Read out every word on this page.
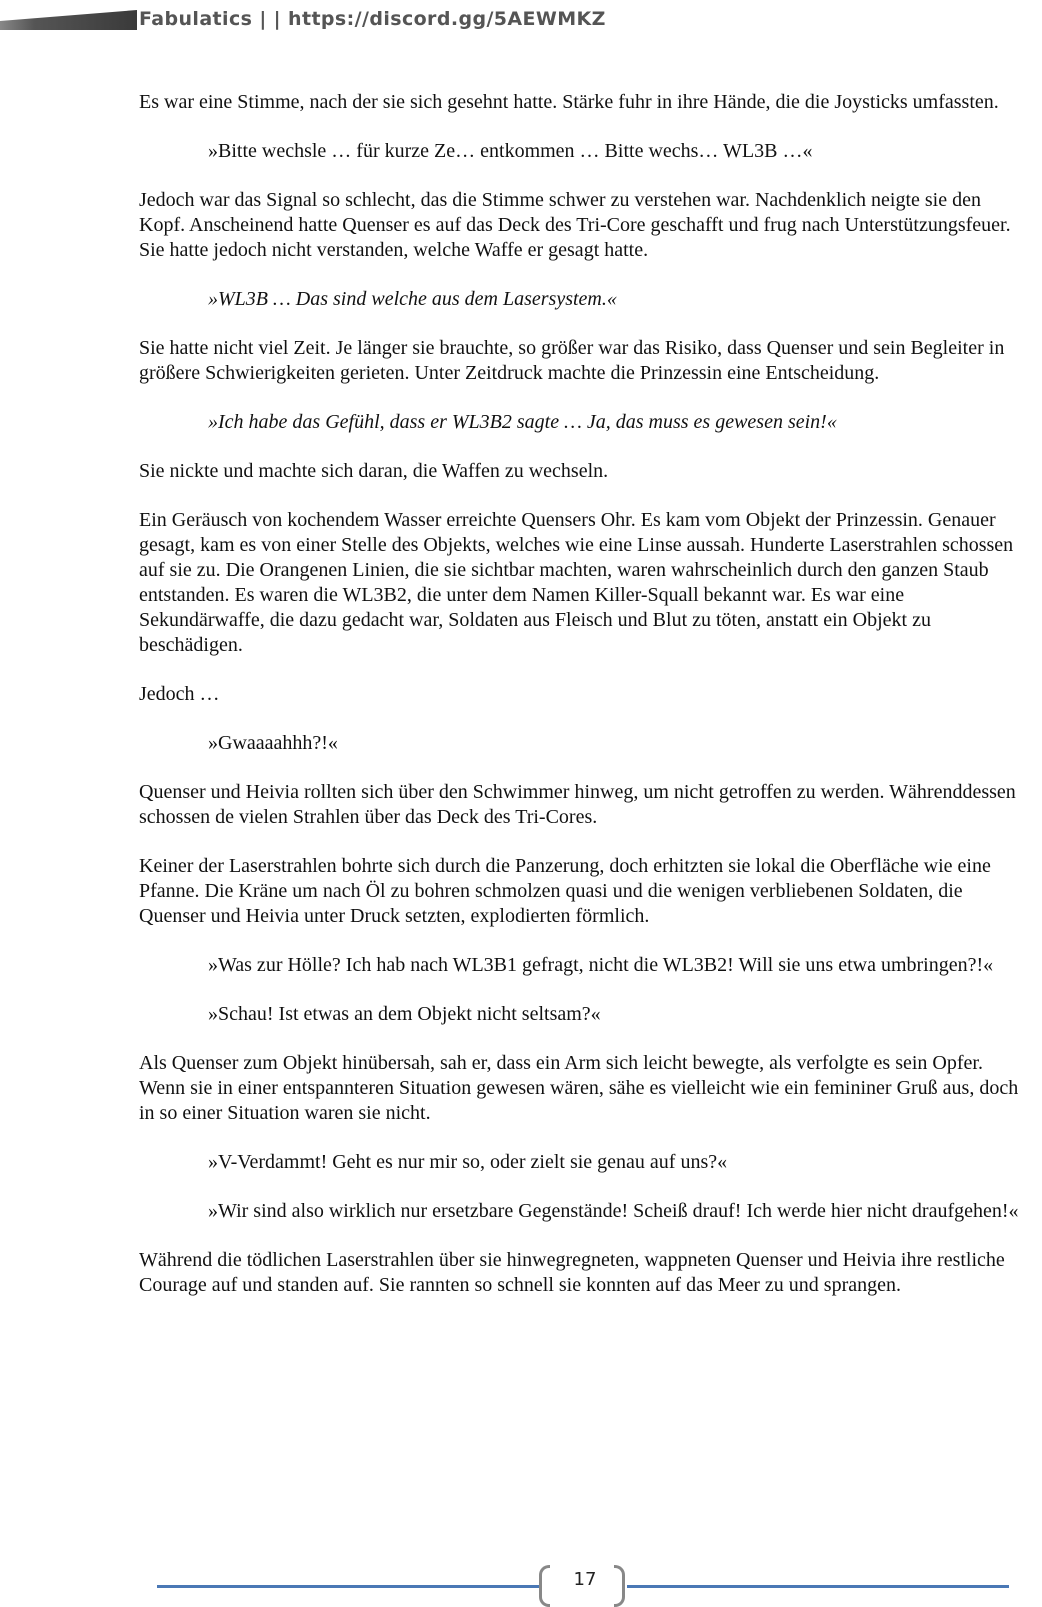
Fabulatics | | https://discord.gg/5AEWMKZ

Es war eine Stimme, nach der sie sich gesehnt hatte. Stärke fuhr in ihre Hände, die die Joysticks umfassten.

»Bitte wechsle … für kurze Ze… entkommen … Bitte wechs… WL3B …«

Jedoch war das Signal so schlecht, das die Stimme schwer zu verstehen war. Nachdenklich neigte sie den Kopf. Anscheinend hatte Quenser es auf das Deck des Tri-Core geschafft und frug nach Unterstützungsfeuer. Sie hatte jedoch nicht verstanden, welche Waffe er gesagt hatte.

»WL3B … Das sind welche aus dem Lasersystem.«

Sie hatte nicht viel Zeit. Je länger sie brauchte, so größer war das Risiko, dass Quenser und sein Begleiter in größere Schwierigkeiten gerieten. Unter Zeitdruck machte die Prinzessin eine Entscheidung.

»Ich habe das Gefühl, dass er WL3B2 sagte … Ja, das muss es gewesen sein!«

Sie nickte und machte sich daran, die Waffen zu wechseln.

Ein Geräusch von kochendem Wasser erreichte Quensers Ohr. Es kam vom Objekt der Prinzessin. Genauer gesagt, kam es von einer Stelle des Objekts, welches wie eine Linse aussah. Hunderte Laserstrahlen schossen auf sie zu. Die Orangenen Linien, die sie sichtbar machten, waren wahrscheinlich durch den ganzen Staub entstanden. Es waren die WL3B2, die unter dem Namen Killer-Squall bekannt war. Es war eine Sekundärwaffe, die dazu gedacht war, Soldaten aus Fleisch und Blut zu töten, anstatt ein Objekt zu beschädigen.

Jedoch …

»Gwaaaahhh?!«

Quenser und Heivia rollten sich über den Schwimmer hinweg, um nicht getroffen zu werden. Währenddessen schossen de vielen Strahlen über das Deck des Tri-Cores.

Keiner der Laserstrahlen bohrte sich durch die Panzerung, doch erhitzten sie lokal die Oberfläche wie eine Pfanne. Die Kräne um nach Öl zu bohren schmolzen quasi und die wenigen verbliebenen Soldaten, die Quenser und Heivia unter Druck setzten, explodierten förmlich.

»Was zur Hölle? Ich hab nach WL3B1 gefragt, nicht die WL3B2! Will sie uns etwa umbringen?!«

»Schau! Ist etwas an dem Objekt nicht seltsam?«

Als Quenser zum Objekt hinübersah, sah er, dass ein Arm sich leicht bewegte, als verfolgte es sein Opfer. Wenn sie in einer entspannteren Situation gewesen wären, sähe es vielleicht wie ein femininer Gruß aus, doch in so einer Situation waren sie nicht.

»V-Verdammt! Geht es nur mir so, oder zielt sie genau auf uns?«

»Wir sind also wirklich nur ersetzbare Gegenstände! Scheiß drauf! Ich werde hier nicht draufgehen!«

Während die tödlichen Laserstrahlen über sie hinwegregneten, wappneten Quenser und Heivia ihre restliche Courage auf und standen auf. Sie rannten so schnell sie konnten auf das Meer zu und sprangen.

17
